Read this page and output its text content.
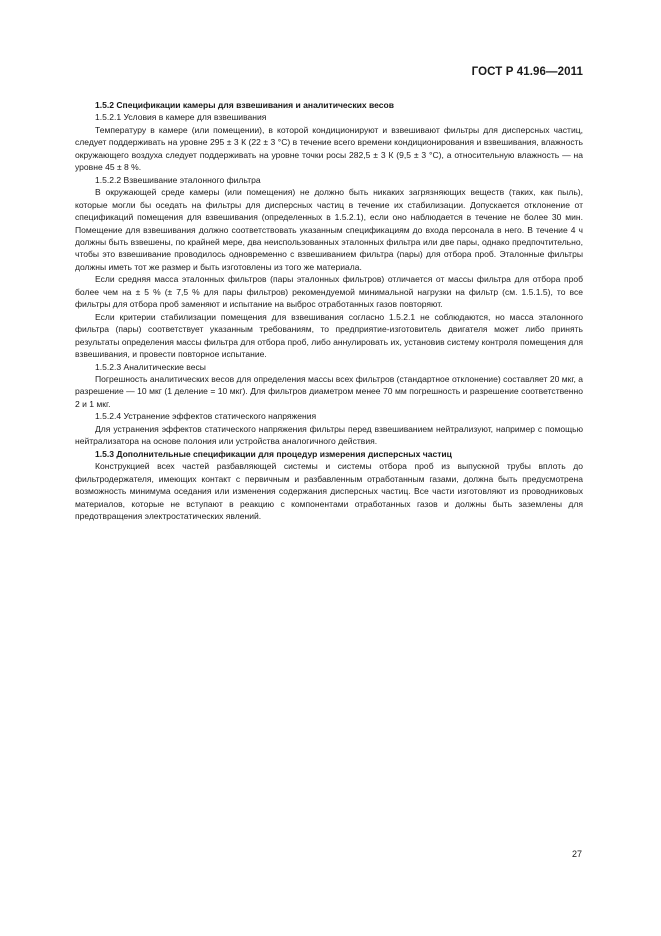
ГОСТ Р 41.96—2011

1.5.2 Спецификации камеры для взвешивания и аналитических весов

1.5.2.1 Условия в камере для взвешивания

Температуру в камере (или помещении), в которой кондиционируют и взвешивают фильтры для дисперсных частиц, следует поддерживать на уровне 295 ± 3 К (22 ± 3 °С) в течение всего времени кондиционирования и взвешивания, влажность окружающего воздуха следует поддерживать на уровне точки росы 282,5 ± 3 К (9,5 ± 3 °С), а относительную влажность — на уровне 45 ± 8 %.

1.5.2.2 Взвешивание эталонного фильтра

В окружающей среде камеры (или помещения) не должно быть никаких загрязняющих веществ (таких, как пыль), которые могли бы оседать на фильтры для дисперсных частиц в течение их стабилизации. Допускается отклонение от спецификаций помещения для взвешивания (определенных в 1.5.2.1), если оно наблюдается в течение не более 30 мин. Помещение для взвешивания должно соответствовать указанным спецификациям до входа персонала в него. В течение 4 ч должны быть взвешены, по крайней мере, два неиспользованных эталонных фильтра или две пары, однако предпочтительно, чтобы это взвешивание проводилось одновременно с взвешиванием фильтра (пары) для отбора проб. Эталонные фильтры должны иметь тот же размер и быть изготовлены из того же материала.

Если средняя масса эталонных фильтров (пары эталонных фильтров) отличается от массы фильтра для отбора проб более чем на ± 5 % (± 7,5 % для пары фильтров) рекомендуемой минимальной нагрузки на фильтр (см. 1.5.1.5), то все фильтры для отбора проб заменяют и испытание на выброс отработанных газов повторяют.

Если критерии стабилизации помещения для взвешивания согласно 1.5.2.1 не соблюдаются, но масса эталонного фильтра (пары) соответствует указанным требованиям, то предприятие-изготовитель двигателя может либо принять результаты определения массы фильтра для отбора проб, либо аннулировать их, установив систему контроля помещения для взвешивания, и провести повторное испытание.

1.5.2.3 Аналитические весы

Погрешность аналитических весов для определения массы всех фильтров (стандартное отклонение) составляет 20 мкг, а разрешение — 10 мкг (1 деление = 10 мкг). Для фильтров диаметром менее 70 мм погрешность и разрешение соответственно 2 и 1 мкг.

1.5.2.4 Устранение эффектов статического напряжения

Для устранения эффектов статического напряжения фильтры перед взвешиванием нейтрализуют, например с помощью нейтрализатора на основе полония или устройства аналогичного действия.

1.5.3 Дополнительные спецификации для процедур измерения дисперсных частиц

Конструкцией всех частей разбавляющей системы и системы отбора проб из выпускной трубы вплоть до фильтродержателя, имеющих контакт с первичным и разбавленным отработанным газами, должна быть предусмотрена возможность минимума оседания или изменения содержания дисперсных частиц. Все части изготовляют из проводниковых материалов, которые не вступают в реакцию с компонентами отработанных газов и должны быть заземлены для предотвращения электростатических явлений.

27
